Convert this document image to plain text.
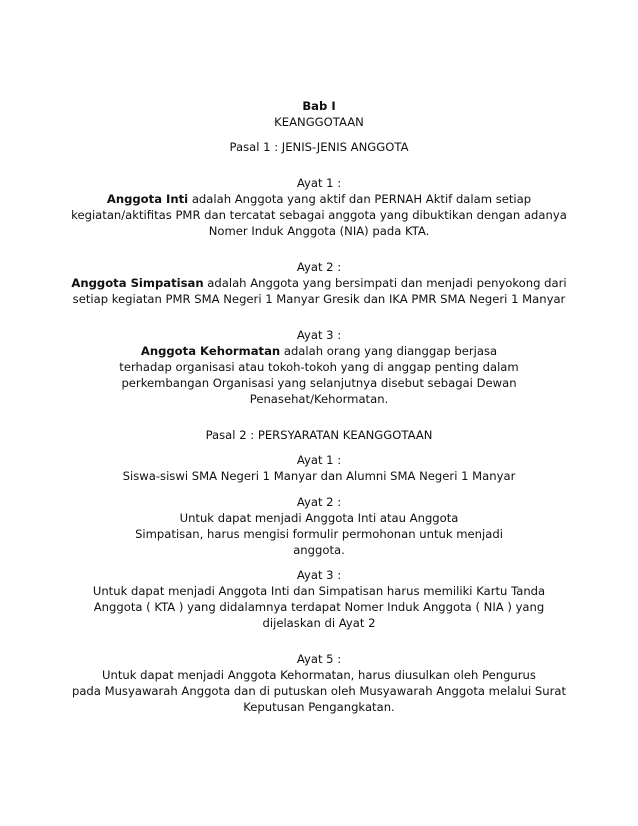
Bab I
KEANGGOTAAN
Pasal 1 : JENIS-JENIS ANGGOTA
Ayat 1 :
Anggota Inti adalah Anggota yang aktif dan PERNAH Aktif dalam setiap
kegiatan/aktifitas PMR dan tercatat sebagai anggota yang dibuktikan dengan adanya
Nomer Induk Anggota (NIA) pada KTA.
Ayat 2 :
Anggota Simpatisan adalah Anggota yang bersimpati dan menjadi penyokong dari
setiap kegiatan PMR SMA Negeri 1 Manyar Gresik dan IKA PMR SMA Negeri 1 Manyar
Ayat 3 :
Anggota Kehormatan adalah orang yang dianggap berjasa
terhadap organisasi atau tokoh-tokoh yang di anggap penting dalam
perkembangan Organisasi yang selanjutnya disebut sebagai Dewan
Penasehat/Kehormatan.
Pasal 2 : PERSYARATAN KEANGGOTAAN
Ayat 1 :
Siswa-siswi SMA Negeri 1 Manyar dan Alumni SMA Negeri 1 Manyar
Ayat 2 :
Untuk dapat menjadi Anggota Inti atau Anggota
Simpatisan, harus mengisi formulir permohonan untuk menjadi
anggota.
Ayat 3 :
Untuk dapat menjadi Anggota Inti dan Simpatisan harus memiliki Kartu Tanda
Anggota ( KTA ) yang didalamnya terdapat Nomer Induk Anggota ( NIA ) yang
dijelaskan di Ayat 2
Ayat 5 :
Untuk dapat menjadi Anggota Kehormatan, harus diusulkan oleh Pengurus
pada Musyawarah Anggota dan di putuskan oleh Musyawarah Anggota melalui Surat
Keputusan Pengangkatan.
